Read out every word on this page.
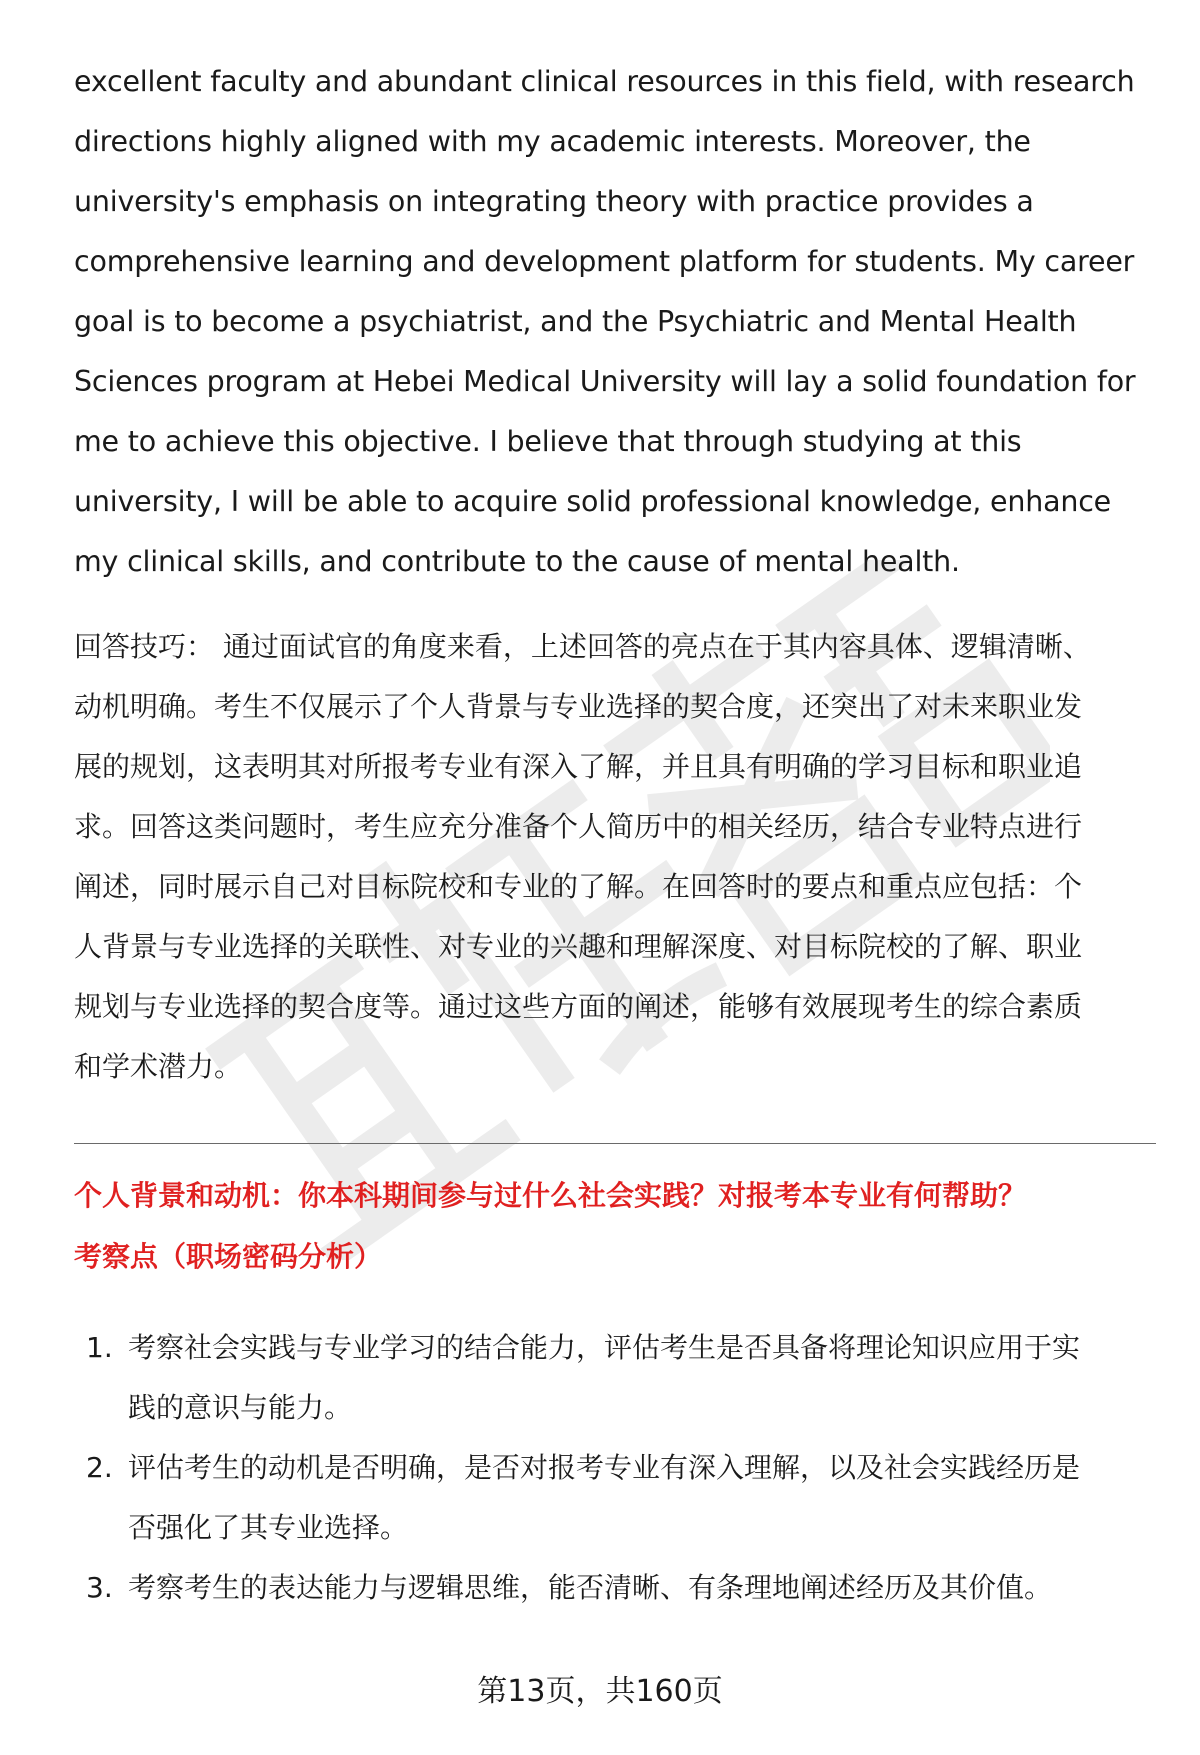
excellent faculty and abundant clinical resources in this field, with research
directions highly aligned with my academic interests. Moreover, the
university's emphasis on integrating theory with practice provides a
comprehensive learning and development platform for students. My career
goal is to become a psychiatrist, and the Psychiatric and Mental Health
Sciences program at Hebei Medical University will lay a solid foundation for
me to achieve this objective. I believe that through studying at this
university, I will be able to acquire solid professional knowledge, enhance
my clinical skills, and contribute to the cause of mental health.
回答技巧： 通过面试官的角度来看，上述回答的亮点在于其内容具体、逻辑清晰、
动机明确。考生不仅展示了个人背景与专业选择的契合度，还突出了对未来职业发
展的规划，这表明其对所报考专业有深入了解，并且具有明确的学习目标和职业追
求。回答这类问题时，考生应充分准备个人简历中的相关经历，结合专业特点进行
阐述，同时展示自己对目标院校和专业的了解。在回答时的要点和重点应包括：个
人背景与专业选择的关联性、对专业的兴趣和理解深度、对目标院校的了解、职业
规划与专业选择的契合度等。通过这些方面的阐述，能够有效展现考生的综合素质
和学术潜力。
个人背景和动机：你本科期间参与过什么社会实践？对报考本专业有何帮助？
考察点（职场密码分析）
1. 考察社会实践与专业学习的结合能力，评估考生是否具备将理论知识应用于实
践的意识与能力。
2. 评估考生的动机是否明确，是否对报考专业有深入理解，以及社会实践经历是
否强化了其专业选择。
3. 考察考生的表达能力与逻辑思维，能否清晰、有条理地阐述经历及其价值。
第13页，共160页
